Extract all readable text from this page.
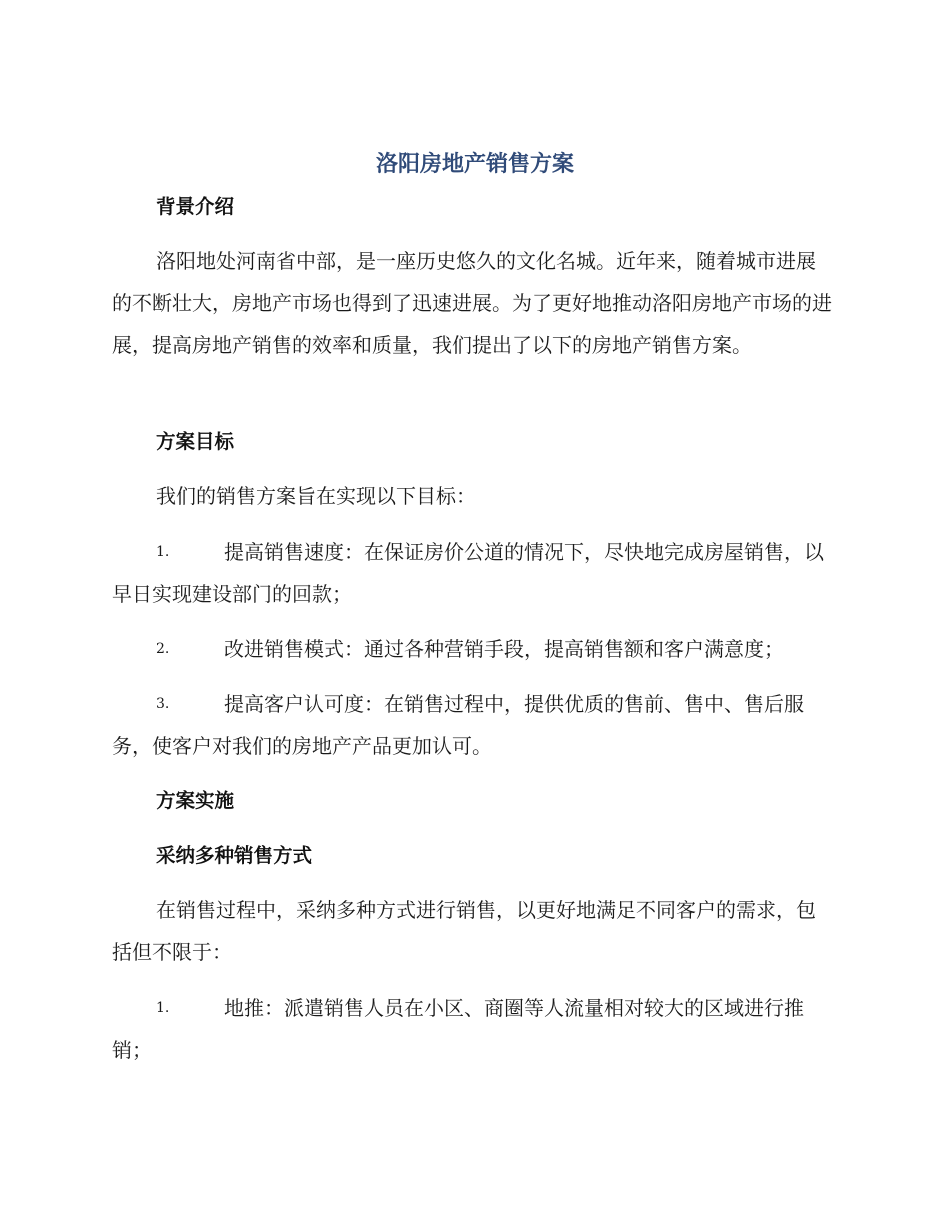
洛阳房地产销售方案
背景介绍

洛阳地处河南省中部，是一座历史悠久的文化名城。近年来，随着城市进展的不断壮大，房地产市场也得到了迅速进展。为了更好地推动洛阳房地产市场的进展，提高房地产销售的效率和质量，我们提出了以下的房地产销售方案。

方案目标

我们的销售方案旨在实现以下目标：

1.	提高销售速度：在保证房价公道的情况下，尽快地完成房屋销售，以早日实现建设部门的回款；

2.	改进销售模式：通过各种营销手段，提高销售额和客户满意度；

3.	提高客户认可度：在销售过程中，提供优质的售前、售中、售后服务，使客户对我们的房地产产品更加认可。

方案实施
采纳多种销售方式

在销售过程中，采纳多种方式进行销售，以更好地满足不同客户的需求，包括但不限于：

1.	地推：派遣销售人员在小区、商圈等人流量相对较大的区域进行推销；
